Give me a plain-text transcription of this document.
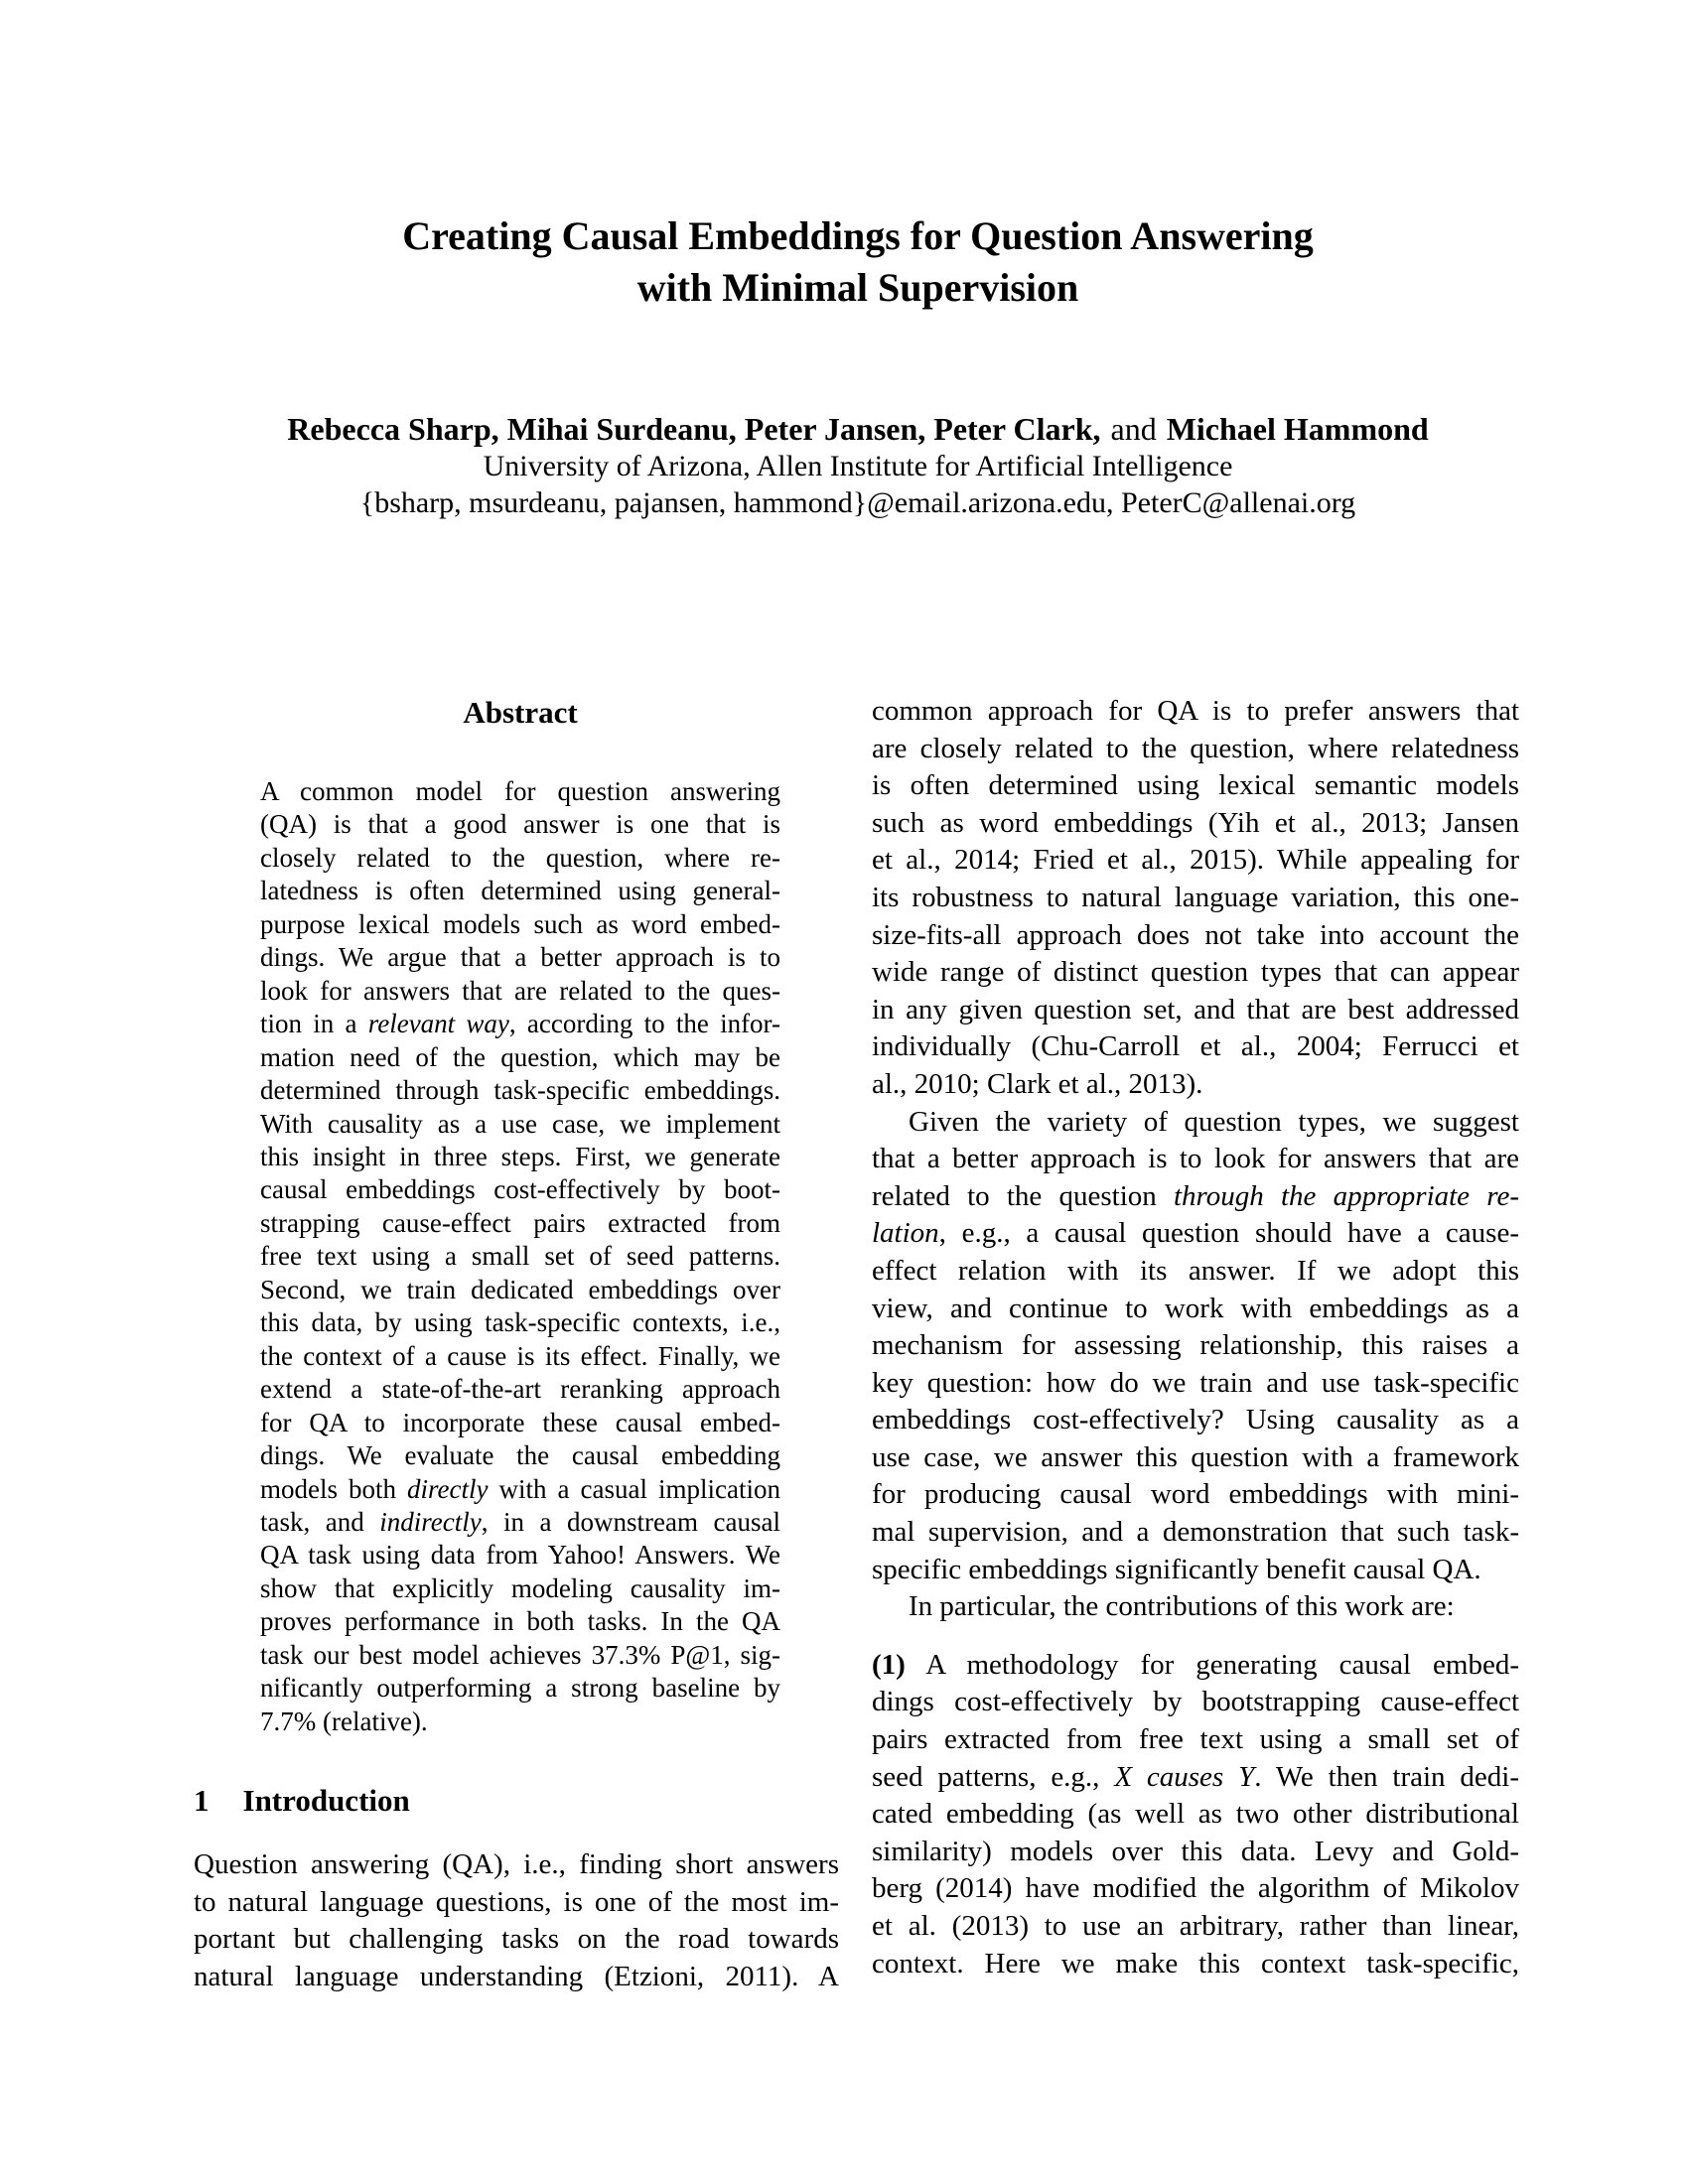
Creating Causal Embeddings for Question Answering
with Minimal Supervision
Rebecca Sharp, Mihai Surdeanu, Peter Jansen, Peter Clark, and Michael Hammond
University of Arizona, Allen Institute for Artificial Intelligence
{bsharp, msurdeanu, pajansen, hammond}@email.arizona.edu, PeterC@allenai.org
Abstract
A common model for question answering
(QA) is that a good answer is one that is
closely related to the question, where re-
latedness is often determined using general-
purpose lexical models such as word embed-
dings. We argue that a better approach is to
look for answers that are related to the ques-
tion in a relevant way, according to the infor-
mation need of the question, which may be
determined through task-specific embeddings.
With causality as a use case, we implement
this insight in three steps. First, we generate
causal embeddings cost-effectively by boot-
strapping cause-effect pairs extracted from
free text using a small set of seed patterns.
Second, we train dedicated embeddings over
this data, by using task-specific contexts, i.e.,
the context of a cause is its effect. Finally, we
extend a state-of-the-art reranking approach
for QA to incorporate these causal embed-
dings. We evaluate the causal embedding
models both directly with a casual implication
task, and indirectly, in a downstream causal
QA task using data from Yahoo! Answers. We
show that explicitly modeling causality im-
proves performance in both tasks. In the QA
task our best model achieves 37.3% P@1, sig-
nificantly outperforming a strong baseline by
7.7% (relative).
1 Introduction
Question answering (QA), i.e., finding short answers
to natural language questions, is one of the most im-
portant but challenging tasks on the road towards
natural language understanding (Etzioni, 2011). A
common approach for QA is to prefer answers that
are closely related to the question, where relatedness
is often determined using lexical semantic models
such as word embeddings (Yih et al., 2013; Jansen
et al., 2014; Fried et al., 2015). While appealing for
its robustness to natural language variation, this one-
size-fits-all approach does not take into account the
wide range of distinct question types that can appear
in any given question set, and that are best addressed
individually (Chu-Carroll et al., 2004; Ferrucci et
al., 2010; Clark et al., 2013).
Given the variety of question types, we suggest
that a better approach is to look for answers that are
related to the question through the appropriate re-
lation, e.g., a causal question should have a cause-
effect relation with its answer. If we adopt this
view, and continue to work with embeddings as a
mechanism for assessing relationship, this raises a
key question: how do we train and use task-specific
embeddings cost-effectively? Using causality as a
use case, we answer this question with a framework
for producing causal word embeddings with mini-
mal supervision, and a demonstration that such task-
specific embeddings significantly benefit causal QA.
In particular, the contributions of this work are:
(1) A methodology for generating causal embed-
dings cost-effectively by bootstrapping cause-effect
pairs extracted from free text using a small set of
seed patterns, e.g., X causes Y. We then train dedi-
cated embedding (as well as two other distributional
similarity) models over this data. Levy and Gold-
berg (2014) have modified the algorithm of Mikolov
et al. (2013) to use an arbitrary, rather than linear,
context. Here we make this context task-specific,
